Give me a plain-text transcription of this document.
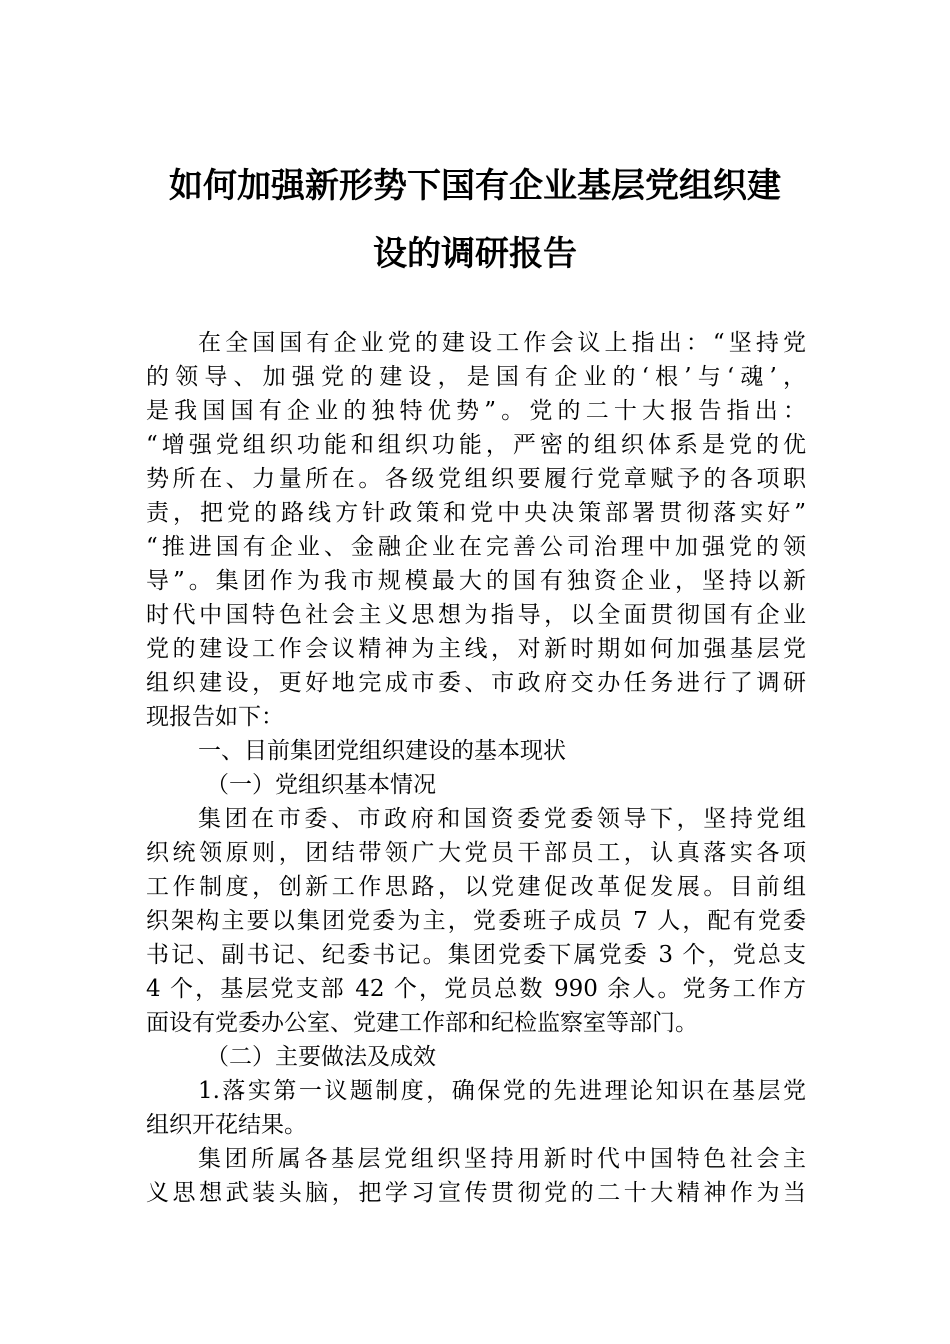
如何加强新形势下国有企业基层党组织建
设的调研报告
在全国国有企业党的建设工作会议上指出：“坚持党
的领导、加强党的建设，是国有企业的‘根’与‘魂’，
是我国国有企业的独特优势”。党的二十大报告指出：
“增强党组织功能和组织功能，严密的组织体系是党的优
势所在、力量所在。各级党组织要履行党章赋予的各项职
责，把党的路线方针政策和党中央决策部署贯彻落实好”
“推进国有企业、金融企业在完善公司治理中加强党的领
导”。集团作为我市规模最大的国有独资企业，坚持以新
时代中国特色社会主义思想为指导，以全面贯彻国有企业
党的建设工作会议精神为主线，对新时期如何加强基层党
组织建设，更好地完成市委、市政府交办任务进行了调研
现报告如下：
一、目前集团党组织建设的基本现状
（一）党组织基本情况
集团在市委、市政府和国资委党委领导下，坚持党组
织统领原则，团结带领广大党员干部员工，认真落实各项
工作制度，创新工作思路，以党建促改革促发展。目前组
织架构主要以集团党委为主，党委班子成员 7 人，配有党委
书记、副书记、纪委书记。集团党委下属党委 3 个，党总支
4 个，基层党支部 42 个，党员总数 990 余人。党务工作方
面设有党委办公室、党建工作部和纪检监察室等部门。
（二）主要做法及成效
1.落实第一议题制度，确保党的先进理论知识在基层党
组织开花结果。
集团所属各基层党组织坚持用新时代中国特色社会主
义思想武装头脑，把学习宣传贯彻党的二十大精神作为当
